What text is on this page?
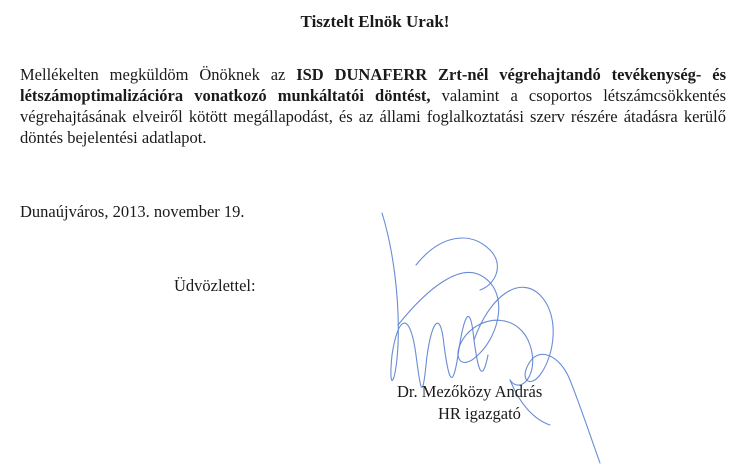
Tisztelt Elnök Urak!

Mellékelten megküldöm Önöknek az ISD DUNAFERR Zrt-nél végrehajtandó tevékenység- és létszámoptimalizációra vonatkozó munkáltatói döntést, valamint a csoportos létszámcsökkentés végrehajtásának elveiről kötött megállapodást, és az állami foglalkoztatási szerv részére átadásra kerülő döntés bejelentési adatlapot.

Dunaújváros, 2013. november 19.
Üdvözlettel:
Dr. Mezőközy András
HR igazgató
